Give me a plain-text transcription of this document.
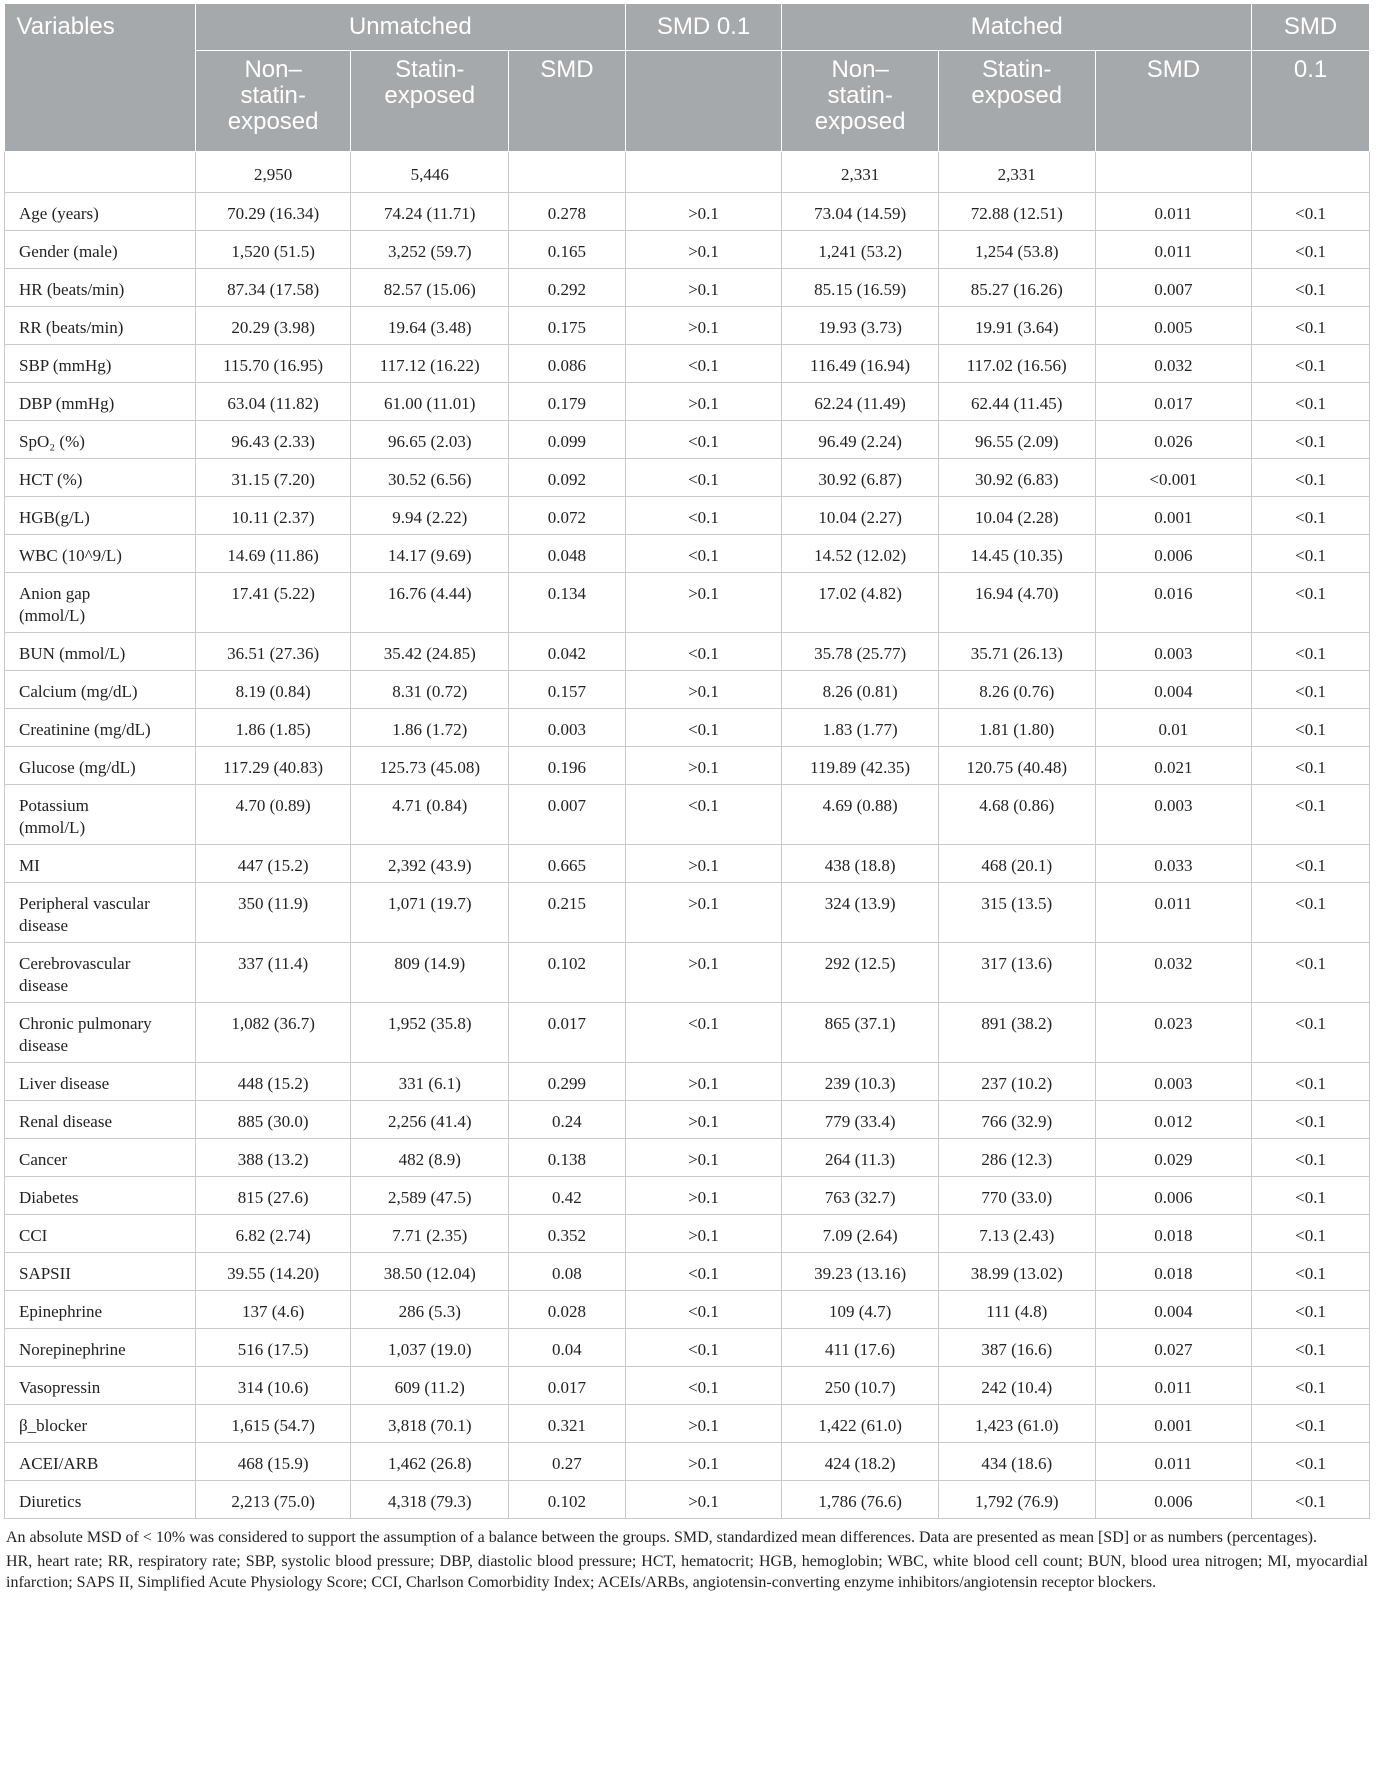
Variables	Unmatched			SMD 0.1	Matched			SMD
	Non–
statin-
exposed	Statin-
exposed	SMD		Non–
statin-
exposed	Statin-
exposed	SMD	0.1
	2,950	5,446			2,331	2,331		
Age (years)	70.29 (16.34)	74.24 (11.71)	0.278	>0.1	73.04 (14.59)	72.88 (12.51)	0.011	<0.1
Gender (male)	1,520 (51.5)	3,252 (59.7)	0.165	>0.1	1,241 (53.2)	1,254 (53.8)	0.011	<0.1
HR (beats/min)	87.34 (17.58)	82.57 (15.06)	0.292	>0.1	85.15 (16.59)	85.27 (16.26)	0.007	<0.1
RR (beats/min)	20.29 (3.98)	19.64 (3.48)	0.175	>0.1	19.93 (3.73)	19.91 (3.64)	0.005	<0.1
SBP (mmHg)	115.70 (16.95)	117.12 (16.22)	0.086	<0.1	116.49 (16.94)	117.02 (16.56)	0.032	<0.1
DBP (mmHg)	63.04 (11.82)	61.00 (11.01)	0.179	>0.1	62.24 (11.49)	62.44 (11.45)	0.017	<0.1
SpO₂ (%)	96.43 (2.33)	96.65 (2.03)	0.099	<0.1	96.49 (2.24)	96.55 (2.09)	0.026	<0.1
HCT (%)	31.15 (7.20)	30.52 (6.56)	0.092	<0.1	30.92 (6.87)	30.92 (6.83)	<0.001	<0.1
HGB(g/L)	10.11 (2.37)	9.94 (2.22)	0.072	<0.1	10.04 (2.27)	10.04 (2.28)	0.001	<0.1
WBC (10^9/L)	14.69 (11.86)	14.17 (9.69)	0.048	<0.1	14.52 (12.02)	14.45 (10.35)	0.006	<0.1
Anion gap
(mmol/L)	17.41 (5.22)	16.76 (4.44)	0.134	>0.1	17.02 (4.82)	16.94 (4.70)	0.016	<0.1
BUN (mmol/L)	36.51 (27.36)	35.42 (24.85)	0.042	<0.1	35.78 (25.77)	35.71 (26.13)	0.003	<0.1
Calcium (mg/dL)	8.19 (0.84)	8.31 (0.72)	0.157	>0.1	8.26 (0.81)	8.26 (0.76)	0.004	<0.1
Creatinine (mg/dL)	1.86 (1.85)	1.86 (1.72)	0.003	<0.1	1.83 (1.77)	1.81 (1.80)	0.01	<0.1
Glucose (mg/dL)	117.29 (40.83)	125.73 (45.08)	0.196	>0.1	119.89 (42.35)	120.75 (40.48)	0.021	<0.1
Potassium
(mmol/L)	4.70 (0.89)	4.71 (0.84)	0.007	<0.1	4.69 (0.88)	4.68 (0.86)	0.003	<0.1
MI	447 (15.2)	2,392 (43.9)	0.665	>0.1	438 (18.8)	468 (20.1)	0.033	<0.1
Peripheral vascular
disease	350 (11.9)	1,071 (19.7)	0.215	>0.1	324 (13.9)	315 (13.5)	0.011	<0.1
Cerebrovascular
disease	337 (11.4)	809 (14.9)	0.102	>0.1	292 (12.5)	317 (13.6)	0.032	<0.1
Chronic pulmonary
disease	1,082 (36.7)	1,952 (35.8)	0.017	<0.1	865 (37.1)	891 (38.2)	0.023	<0.1
Liver disease	448 (15.2)	331 (6.1)	0.299	>0.1	239 (10.3)	237 (10.2)	0.003	<0.1
Renal disease	885 (30.0)	2,256 (41.4)	0.24	>0.1	779 (33.4)	766 (32.9)	0.012	<0.1
Cancer	388 (13.2)	482 (8.9)	0.138	>0.1	264 (11.3)	286 (12.3)	0.029	<0.1
Diabetes	815 (27.6)	2,589 (47.5)	0.42	>0.1	763 (32.7)	770 (33.0)	0.006	<0.1
CCI	6.82 (2.74)	7.71 (2.35)	0.352	>0.1	7.09 (2.64)	7.13 (2.43)	0.018	<0.1
SAPSII	39.55 (14.20)	38.50 (12.04)	0.08	<0.1	39.23 (13.16)	38.99 (13.02)	0.018	<0.1
Epinephrine	137 (4.6)	286 (5.3)	0.028	<0.1	109 (4.7)	111 (4.8)	0.004	<0.1
Norepinephrine	516 (17.5)	1,037 (19.0)	0.04	<0.1	411 (17.6)	387 (16.6)	0.027	<0.1
Vasopressin	314 (10.6)	609 (11.2)	0.017	<0.1	250 (10.7)	242 (10.4)	0.011	<0.1
β_blocker	1,615 (54.7)	3,818 (70.1)	0.321	>0.1	1,422 (61.0)	1,423 (61.0)	0.001	<0.1
ACEI/ARB	468 (15.9)	1,462 (26.8)	0.27	>0.1	424 (18.2)	434 (18.6)	0.011	<0.1
Diuretics	2,213 (75.0)	4,318 (79.3)	0.102	>0.1	1,786 (76.6)	1,792 (76.9)	0.006	<0.1

An absolute MSD of < 10% was considered to support the assumption of a balance between the groups. SMD, standardized mean differences. Data are presented as mean [SD] or as numbers (percentages).

HR, heart rate; RR, respiratory rate; SBP, systolic blood pressure; DBP, diastolic blood pressure; HCT, hematocrit; HGB, hemoglobin; WBC, white blood cell count; BUN, blood urea nitrogen; MI, myocardial infarction; SAPS II, Simplified Acute Physiology Score; CCI, Charlson Comorbidity Index; ACEIs/ARBs, angiotensin-converting enzyme inhibitors/angiotensin receptor blockers.
